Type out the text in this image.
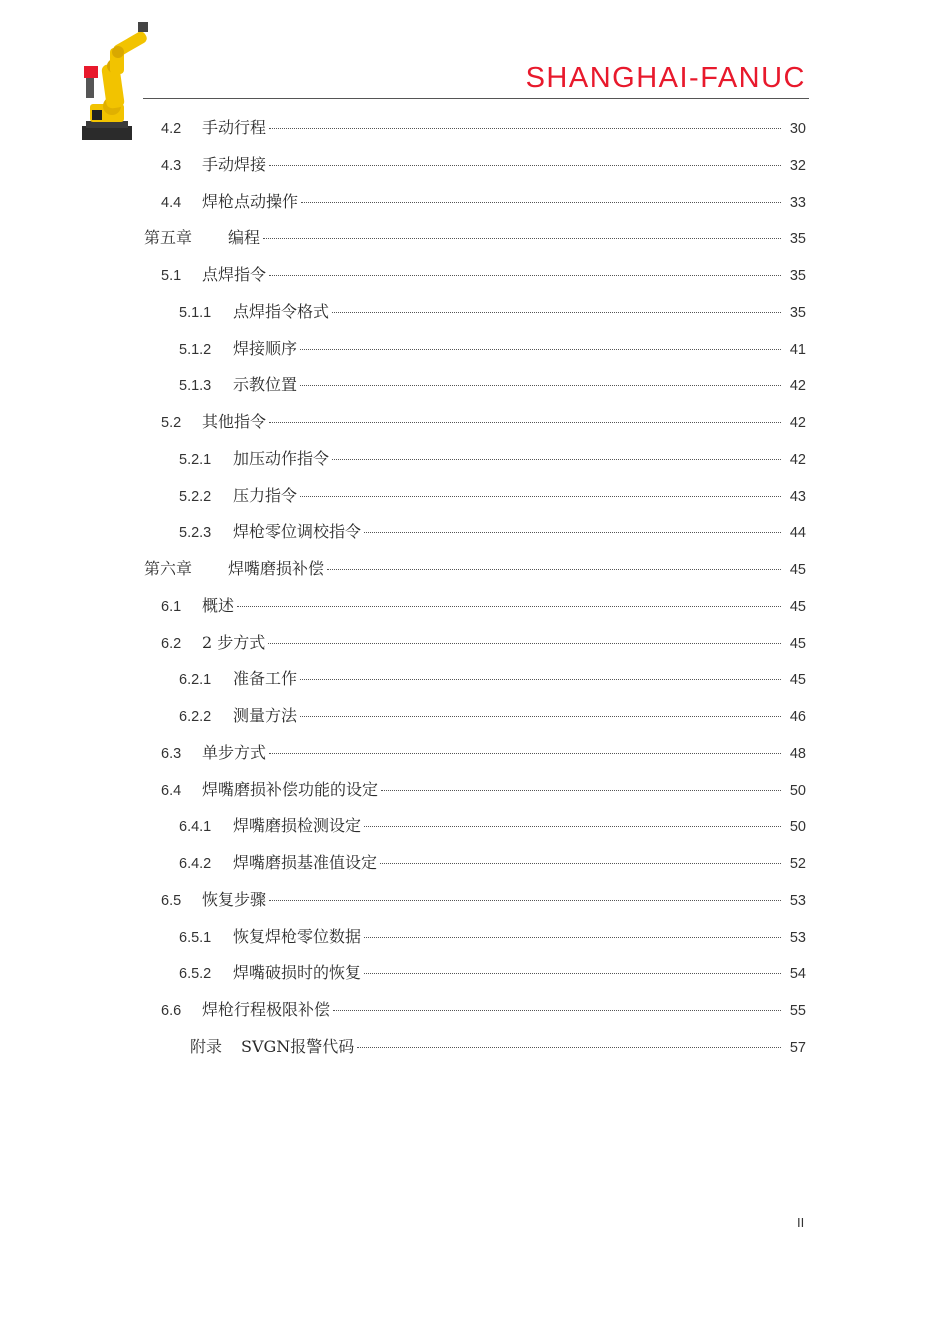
SHANGHAI-FANUC
4.2	手动行程	30
4.3	手动焊接	32
4.4	焊枪点动操作	33
第五章	编程	35
5.1	点焊指令	35
5.1.1	点焊指令格式	35
5.1.2	焊接顺序	41
5.1.3	示教位置	42
5.2	其他指令	42
5.2.1	加压动作指令	42
5.2.2	压力指令	43
5.2.3	焊枪零位调校指令	44
第六章	焊嘴磨损补偿	45
6.1	概述	45
6.2	2 步方式	45
6.2.1	准备工作	45
6.2.2	测量方法	46
6.3	单步方式	48
6.4	焊嘴磨损补偿功能的设定	50
6.4.1	焊嘴磨损检测设定	50
6.4.2	焊嘴磨损基准值设定	52
6.5	恢复步骤	53
6.5.1	恢复焊枪零位数据	53
6.5.2	焊嘴破损时的恢复	54
6.6	焊枪行程极限补偿	55
附录	SVGN报警代码	57
II
